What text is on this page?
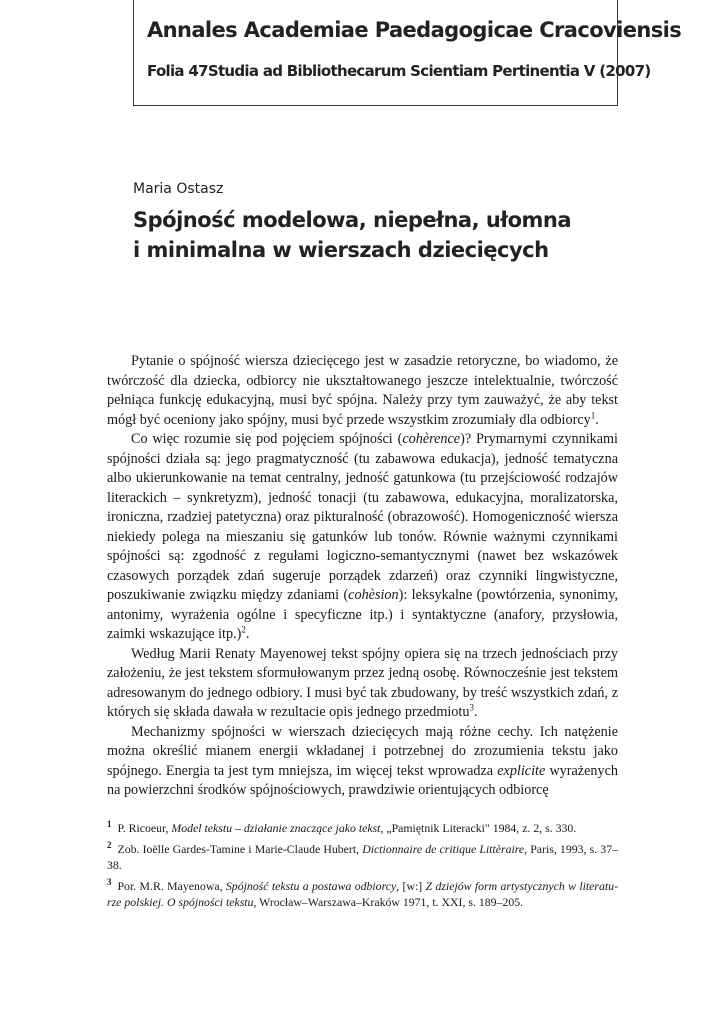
Annales Academiae Paedagogicae Cracoviensis

Folia 47Studia ad Bibliothecarum Scientiam Pertinentia V (2007)

Maria Ostasz

Spójność modelowa, niepełna, ułomna
i minimalna w wierszach dziecięcych

Pytanie o spójność wiersza dziecięcego jest w zasadzie retoryczne, bo wiadomo, że twórczość dla dziecka, odbiorcy nie ukształtowanego jeszcze intelektualnie, twórczość pełniąca funkcję edukacyjną, musi być spójna. Należy przy tym zauważyć, że aby tekst mógł być oceniony jako spójny, musi być przede wszystkim zrozumiały dla odbiorcy$^1$.

Co więc rozumie się pod pojęciem spójności (cohèrence)? Prymarnymi czynnikami spójności działa są: jego pragmatyczność (tu zabawowa edukacja), jedność tematyczna albo ukierunkowanie na temat centralny, jedność gatunkowa (tu przejściowość rodzajów literackich – synkretyzm), jedność tonacji (tu zabawowa, edukacyjna, moralizatorska, ironiczna, rzadziej patetyczna) oraz pikturalność (obrazowość). Homogeniczność wiersza niekiedy polega na mieszaniu się gatunków lub tonów. Równie ważnymi czynnikami spójności są: zgodność z regułami logiczno-semantycznymi (nawet bez wskazówek czasowych porządek zdań sugeruje porządek zdarzeń) oraz czynniki lingwistyczne, poszukiwanie związku między zdaniami (cohèsion): leksykalne (powtórzenia, synonimy, antonimy, wyrażenia ogólne i specyficzne itp.) i syntaktyczne (anafory, przysłowia, zaimki wskazujące itp.)$^2$.

Według Marii Renaty Mayenowej tekst spójny opiera się na trzech jednościach przy założeniu, że jest tekstem sformułowanym przez jedną osobę. Równocześnie jest tekstem adresowanym do jednego odbiory. I musi być tak zbudowany, by treść wszystkich zdań, z których się składa dawała w rezultacie opis jednego przedmiotu$^3$.

Mechanizmy spójności w wierszach dziecięcych mają różne cechy. Ich natężenie można określić mianem energii wkładanej i potrzebnej do zrozumienia tekstu jako spójnego. Energia ta jest tym mniejsza, im więcej tekst wprowadza explicite wyrażenych na powierzchni środków spójnościowych, prawdziwie orientujących odbiorcę

$^1$ P. Ricoeur, Model tekstu – działanie znaczące jako tekst, „Pamiętnik Literacki" 1984, z. 2, s. 330.

$^2$ Zob. Ioëlle Gardes-Tamine i Marie-Claude Hubert, Dictionnaire de critique Littèraire, Paris, 1993, s. 37–38.

$^3$ Por. M.R. Mayenowa, Spójność tekstu a postawa odbiorcy, [w:] Z dziejów form artystycznych w literaturze polskiej. O spójności tekstu, Wrocław–Warszawa–Kraków 1971, t. XXI, s. 189–205.
